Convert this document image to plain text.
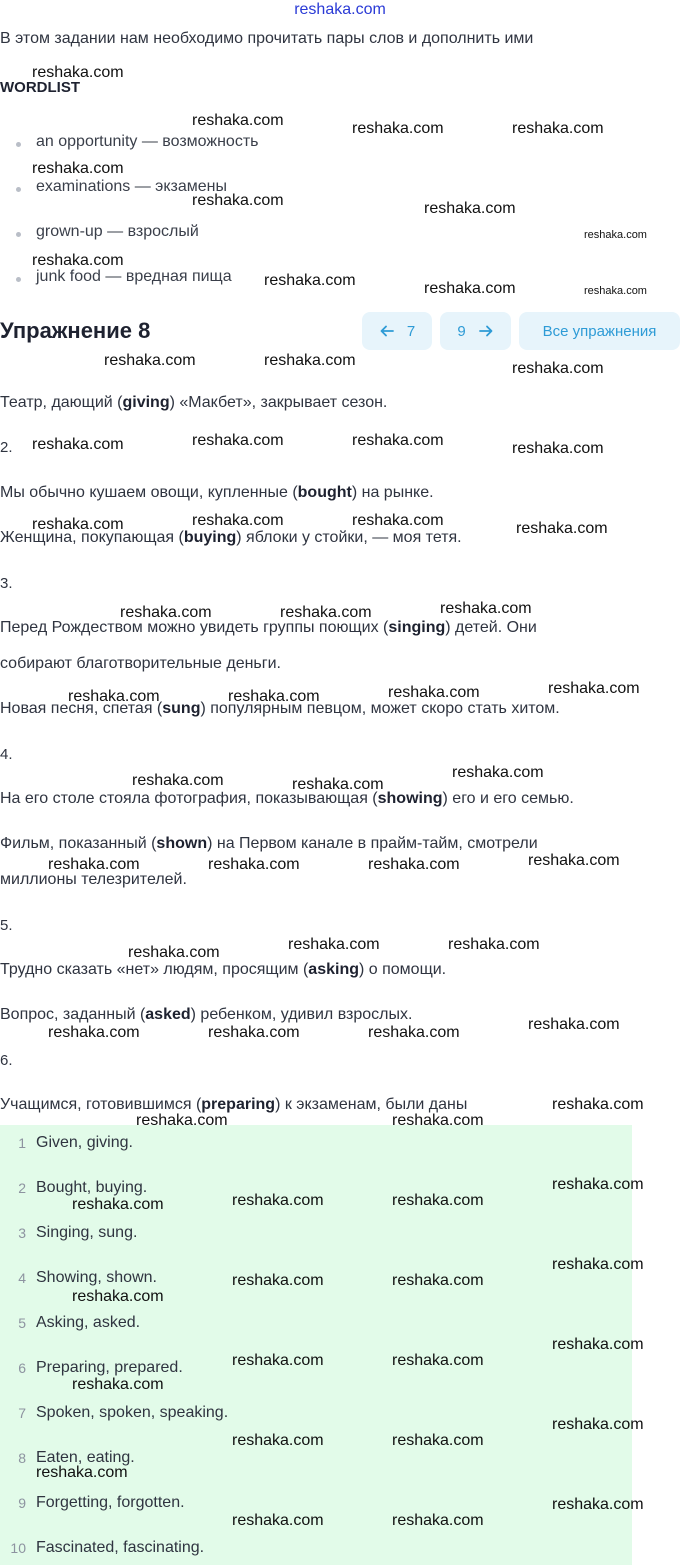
reshaka.com
В этом задании нам необходимо прочитать пары слов и дополнить ими
WORDLIST
an opportunity — возможность
examinations — экзамены
grown-up — взрослый
junk food — вредная пища
Упражнение 8	7	9	Все упражнения
2.
3.
4.
5.
6.
Театр, дающий (giving) «Макбет», закрывает сезон.
Мы обычно кушаем овощи, купленные (bought) на рынке.
Женщина, покупающая (buying) яблоки у стойки, — моя тетя.
Перед Рождеством можно увидеть группы поющих (singing) детей. Они
собирают благотворительные деньги.
Новая песня, спетая (sung) популярным певцом, может скоро стать хитом.
На его столе стояла фотография, показывающая (showing) его и его семью.
Фильм, показанный (shown) на Первом канале в прайм-тайм, смотрели
миллионы телезрителей.
Трудно сказать «нет» людям, просящим (asking) о помощи.
Вопрос, заданный (asked) ребенком, удивил взрослых.
Учащимся, готовившимся (preparing) к экзаменам, были даны
1 Given, giving.
2 Bought, buying.
3 Singing, sung.
4 Showing, shown.
5 Asking, asked.
6 Preparing, prepared.
7 Spoken, spoken, speaking.
8 Eaten, eating.
9 Forgetting, forgotten.
10 Fascinated, fascinating.
reshaka.com
reshaka.com	reshaka.com	reshaka.com
reshaka.com
reshaka.com	reshaka.com
reshaka.com
reshaka.com
reshaka.com	reshaka.com	reshaka.com
reshaka.com	reshaka.com	reshaka.com
reshaka.com	reshaka.com	reshaka.com	reshaka.com
reshaka.com	reshaka.com	reshaka.com	reshaka.com
reshaka.com	reshaka.com	reshaka.com
reshaka.com	reshaka.com	reshaka.com	reshaka.com
reshaka.com	reshaka.com
reshaka.com
reshaka.com	reshaka.com	reshaka.com	reshaka.com
reshaka.com	reshaka.com	reshaka.com
reshaka.com	reshaka.com	reshaka.com	reshaka.com
reshaka.com
reshaka.com	reshaka.com
reshaka.com
reshaka.com	reshaka.com	reshaka.com
reshaka.com
reshaka.com	reshaka.com
reshaka.com
reshaka.com
reshaka.com	reshaka.com
reshaka.com
reshaka.com
reshaka.com	reshaka.com
reshaka.com
reshaka.com
reshaka.com	reshaka.com
